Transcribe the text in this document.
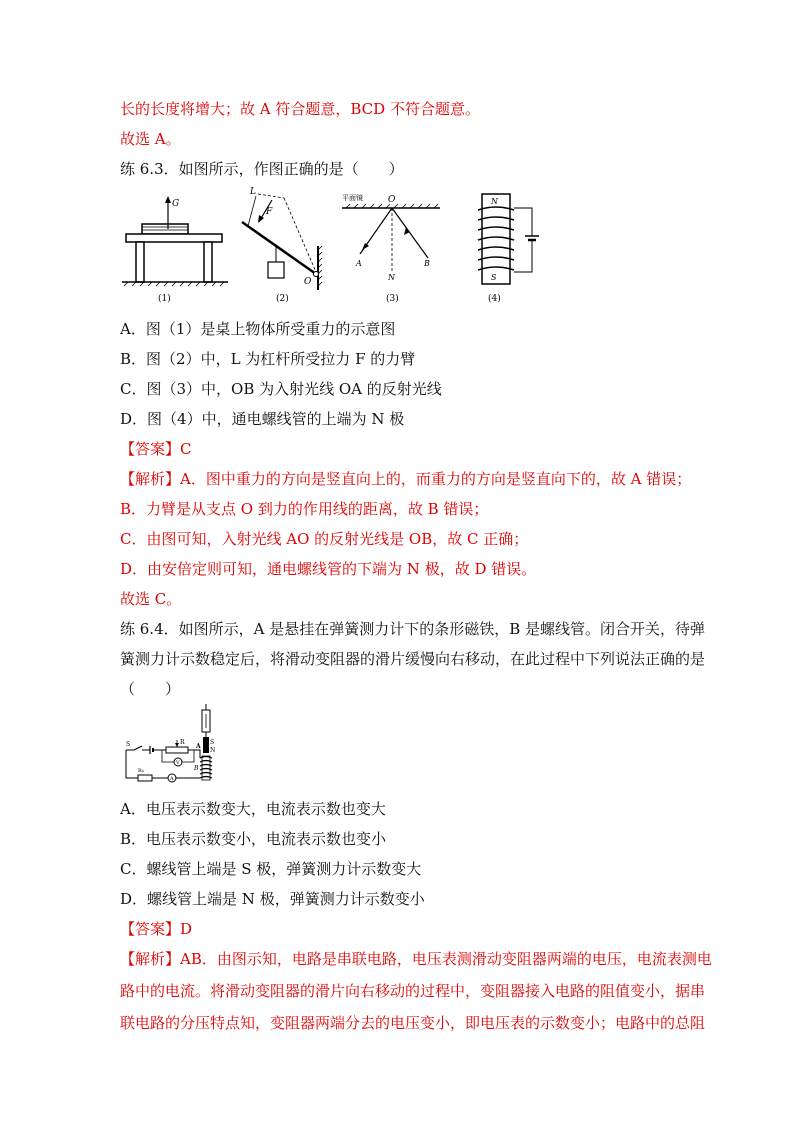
长的长度将增大；故 A 符合题意，BCD 不符合题意。
故选 A。
练 6.3．如图所示，作图正确的是（　　）
G
(1)
L
F
O
(2)
平面镜	O
A
N
B
(3)
N
S
(4)
A．图（1）是桌上物体所受重力的示意图
B．图（2）中，L 为杠杆所受拉力 F 的力臂
C．图（3）中，OB 为入射光线 OA 的反射光线
D．图（4）中，通电螺线管的上端为 N 极
【答案】C
【解析】A．图中重力的方向是竖直向上的，而重力的方向是竖直向下的，故 A 错误；
B．力臂是从支点 O 到力的作用线的距离，故 B 错误；
C．由图可知，入射光线 AO 的反射光线是 OB，故 C 正确；
D．由安倍定则可知，通电螺线管的下端为 N 极，故 D 错误。
故选 C。
练 6.4．如图所示，A 是悬挂在弹簧测力计下的条形磁铁，B 是螺线管。闭合开关，待弹
簧测力计示数稳定后，将滑动变阻器的滑片缓慢向右移动，在此过程中下列说法正确的是
（　　）
S
N
A
B
S	R
V
R₀
A
A．电压表示数变大，电流表示数也变大
B．电压表示数变小，电流表示数也变小
C．螺线管上端是 S 极，弹簧测力计示数变大
D．螺线管上端是 N 极，弹簧测力计示数变小
【答案】D
【解析】AB．由图示知，电路是串联电路，电压表测滑动变阻器两端的电压，电流表测电
路中的电流。将滑动变阻器的滑片向右移动的过程中，变阻器接入电路的阻值变小，据串
联电路的分压特点知，变阻器两端分去的电压变小，即电压表的示数变小；电路中的总阻
